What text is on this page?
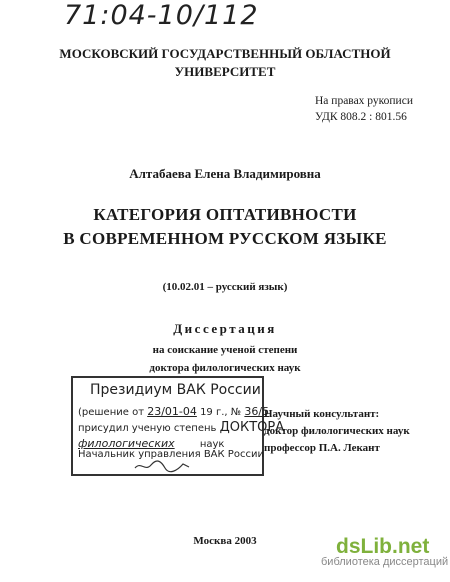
71:04-10/112
МОСКОВСКИЙ ГОСУДАРСТВЕННЫЙ ОБЛАСТНОЙ
УНИВЕРСИТЕТ
На правах рукописи
УДК 808.2 : 801.56
Алтабаева Елена Владимировна
КАТЕГОРИЯ ОПТАТИВНОСТИ
В СОВРЕМЕННОМ РУССКОМ ЯЗЫКЕ
(10.02.01 – русский язык)
Диссертация
на соискание ученой степени
доктора филологических наук
Президиум ВАК России
(решение от 23/01-04 19 г., № 36/5
присудил ученую степень ДОКТОРА
филологических	наук
Начальник управления ВАК России
Научный консультант:
доктор филологических наук
профессор П.А. Лекант
Москва 2003	dsLib.net
библиотека диссертаций
